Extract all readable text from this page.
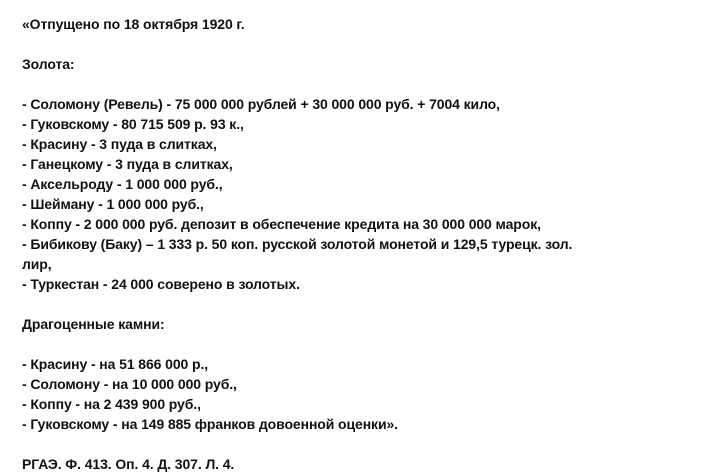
«Отпущено по 18 октября 1920 г.
Золота:
- Соломону (Ревель) - 75 000 000 рублей + 30 000 000 руб. + 7004 кило,
- Гуковскому - 80 715 509 р. 93 к.,
- Красину - 3 пуда в слитках,
- Ганецкому - 3 пуда в слитках,
- Аксельроду - 1 000 000 руб.,
- Шейману - 1 000 000 руб.,
- Коппу - 2 000 000 руб. депозит в обеспечение кредита на 30 000 000 марок,
- Бибикову (Баку) – 1 333 р. 50 коп. русской золотой монетой и 129,5 турецк. зол.
лир,
- Туркестан - 24 000 соверено в золотых.
Драгоценные камни:
- Красину - на 51 866 000 р.,
- Соломону - на 10 000 000 руб.,
- Коппу - на 2 439 900 руб.,
- Гуковскому - на 149 885 франков довоенной оценки».
РГАЭ. Ф. 413. Оп. 4. Д. 307. Л. 4.
